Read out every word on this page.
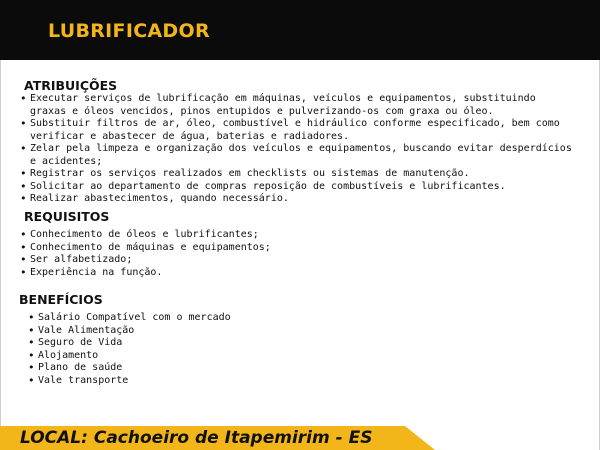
LUBRIFICADOR
ATRIBUIÇÕES
• Executar serviços de lubrificação em máquinas, veículos e equipamentos, substituindo graxas e óleos vencidos, pinos entupidos e pulverizando-os com graxa ou óleo.
• Substituir filtros de ar, óleo, combustível e hidráulico conforme especificado, bem como verificar e abastecer de água, baterias e radiadores.
• Zelar pela limpeza e organização dos veículos e equipamentos, buscando evitar desperdícios e acidentes;
• Registrar os serviços realizados em checklists ou sistemas de manutenção.
• Solicitar ao departamento de compras reposição de combustíveis e lubrificantes.
• Realizar abastecimentos, quando necessário.
REQUISITOS
• Conhecimento de óleos e lubrificantes;
• Conhecimento de máquinas e equipamentos;
• Ser alfabetizado;
• Experiência na função.
BENEFÍCIOS
• Salário Compatível com o mercado
• Vale Alimentação
• Seguro de Vida
• Alojamento
• Plano de saúde
• Vale transporte
LOCAL: Cachoeiro de Itapemirim - ES
